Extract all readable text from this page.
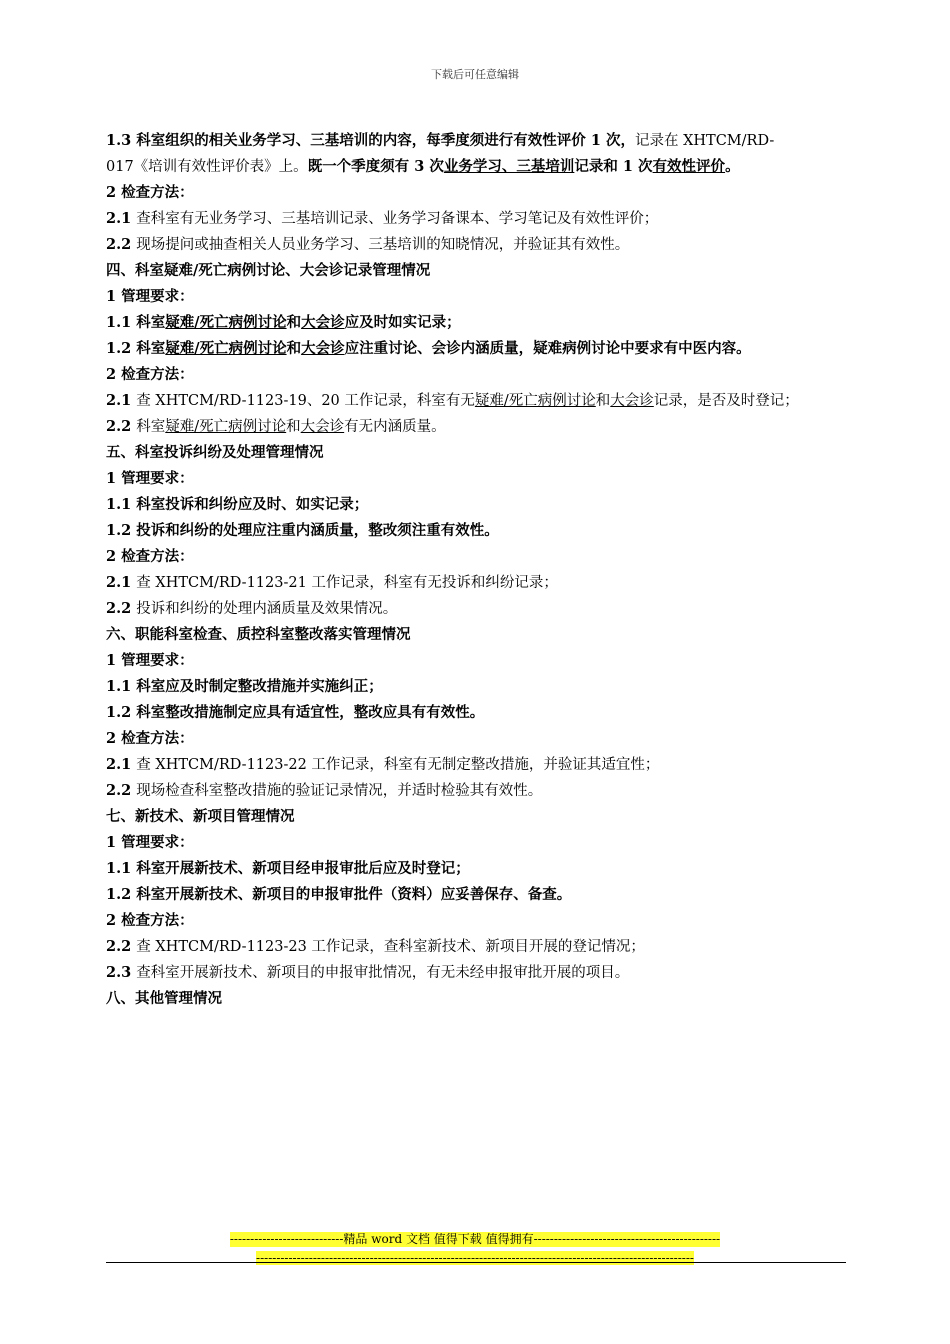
下载后可任意编辑
1.3 科室组织的相关业务学习、三基培训的内容，每季度须进行有效性评价 1 次，记录在 XHTCM/RD-
017《培训有效性评价表》上。既一个季度须有 3 次业务学习、三基培训记录和 1 次有效性评价。
2 检查方法：
2.1 查科室有无业务学习、三基培训记录、业务学习备课本、学习笔记及有效性评价；
2.2 现场提问或抽查相关人员业务学习、三基培训的知晓情况，并验证其有效性。
四、科室疑难/死亡病例讨论、大会诊记录管理情况
1 管理要求：
1.1 科室疑难/死亡病例讨论和大会诊应及时如实记录；
1.2 科室疑难/死亡病例讨论和大会诊应注重讨论、会诊内涵质量，疑难病例讨论中要求有中医内容。
2 检查方法：
2.1 查 XHTCM/RD-1123-19、20 工作记录，科室有无疑难/死亡病例讨论和大会诊记录，是否及时登记；
2.2 科室疑难/死亡病例讨论和大会诊有无内涵质量。
五、科室投诉纠纷及处理管理情况
1 管理要求：
1.1 科室投诉和纠纷应及时、如实记录；
1.2 投诉和纠纷的处理应注重内涵质量，整改须注重有效性。
2 检查方法：
2.1 查 XHTCM/RD-1123-21 工作记录，科室有无投诉和纠纷记录；
2.2 投诉和纠纷的处理内涵质量及效果情况。
六、职能科室检查、质控科室整改落实管理情况
1 管理要求：
1.1 科室应及时制定整改措施并实施纠正；
1.2 科室整改措施制定应具有适宜性，整改应具有有效性。
2 检查方法：
2.1 查 XHTCM/RD-1123-22 工作记录，科室有无制定整改措施，并验证其适宜性；
2.2 现场检查科室整改措施的验证记录情况，并适时检验其有效性。
七、新技术、新项目管理情况
1 管理要求：
1.1 科室开展新技术、新项目经申报审批后应及时登记；
1.2 科室开展新技术、新项目的申报审批件（资料）应妥善保存、备查。
2 检查方法：
2.2 查 XHTCM/RD-1123-23 工作记录，查科室新技术、新项目开展的登记情况；
2.3 查科室开展新技术、新项目的申报审批情况，有无未经申报审批开展的项目。
八、其他管理情况
----------------------------精品 word 文档 值得下载 值得拥有----------------------------------------------
------------------------------------------------------------------------------------------------------------
